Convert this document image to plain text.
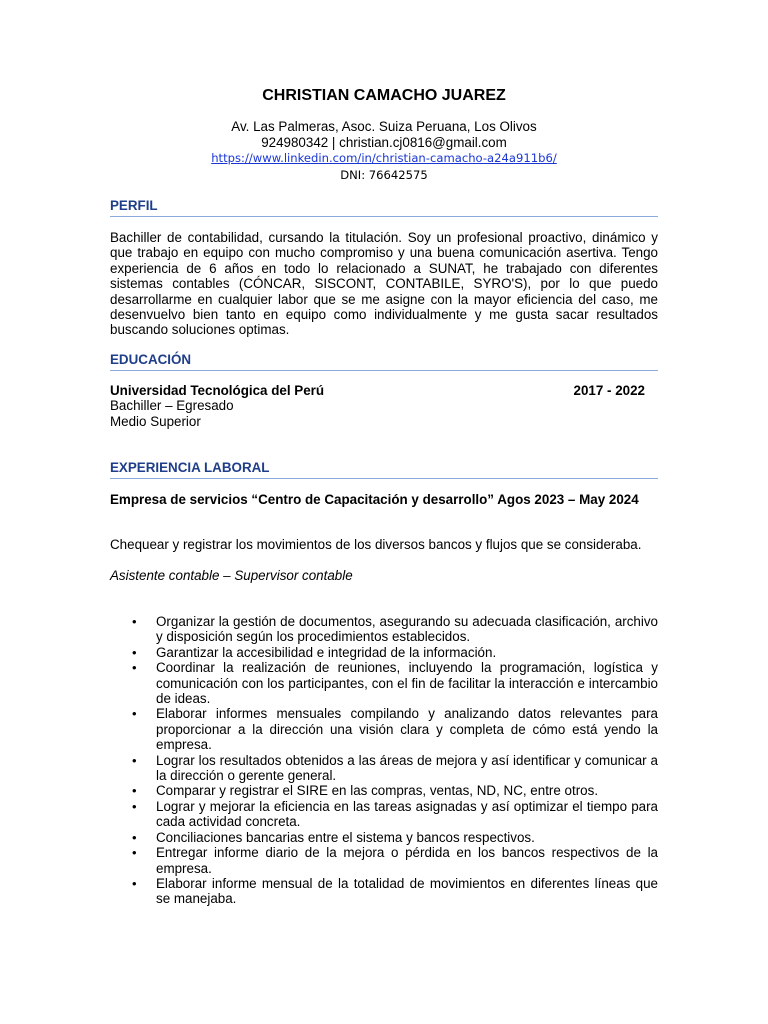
CHRISTIAN CAMACHO JUAREZ
Av. Las Palmeras, Asoc. Suiza Peruana, Los Olivos
924980342 | christian.cj0816@gmail.com
https://www.linkedin.com/in/christian-camacho-a24a911b6/
DNI: 76642575
PERFIL
Bachiller de contabilidad, cursando la titulación. Soy un profesional proactivo, dinámico y que trabajo en equipo con mucho compromiso y una buena comunicación asertiva. Tengo experiencia de 6 años en todo lo relacionado a SUNAT, he trabajado con diferentes sistemas contables (CÓNCAR, SISCONT, CONTABILE, SYRO'S), por lo que puedo desarrollarme en cualquier labor que se me asigne con la mayor eficiencia del caso, me desenvuelvo bien tanto en equipo como individualmente y me gusta sacar resultados buscando soluciones optimas.
EDUCACIÓN
Universidad Tecnológica del Perú	2017 - 2022
Bachiller – Egresado
Medio Superior
EXPERIENCIA LABORAL
Empresa de servicios “Centro de Capacitación y desarrollo” Agos 2023 – May 2024
Chequear y registrar los movimientos de los diversos bancos y flujos que se consideraba.
Asistente contable – Supervisor contable
• Organizar la gestión de documentos, asegurando su adecuada clasificación, archivo y disposición según los procedimientos establecidos.
• Garantizar la accesibilidad e integridad de la información.
• Coordinar la realización de reuniones, incluyendo la programación, logística y comunicación con los participantes, con el fin de facilitar la interacción e intercambio de ideas.
• Elaborar informes mensuales compilando y analizando datos relevantes para proporcionar a la dirección una visión clara y completa de cómo está yendo la empresa.
• Lograr los resultados obtenidos a las áreas de mejora y así identificar y comunicar a la dirección o gerente general.
• Comparar y registrar el SIRE en las compras, ventas, ND, NC, entre otros.
• Lograr y mejorar la eficiencia en las tareas asignadas y así optimizar el tiempo para cada actividad concreta.
• Conciliaciones bancarias entre el sistema y bancos respectivos.
• Entregar informe diario de la mejora o pérdida en los bancos respectivos de la empresa.
• Elaborar informe mensual de la totalidad de movimientos en diferentes líneas que se manejaba.
